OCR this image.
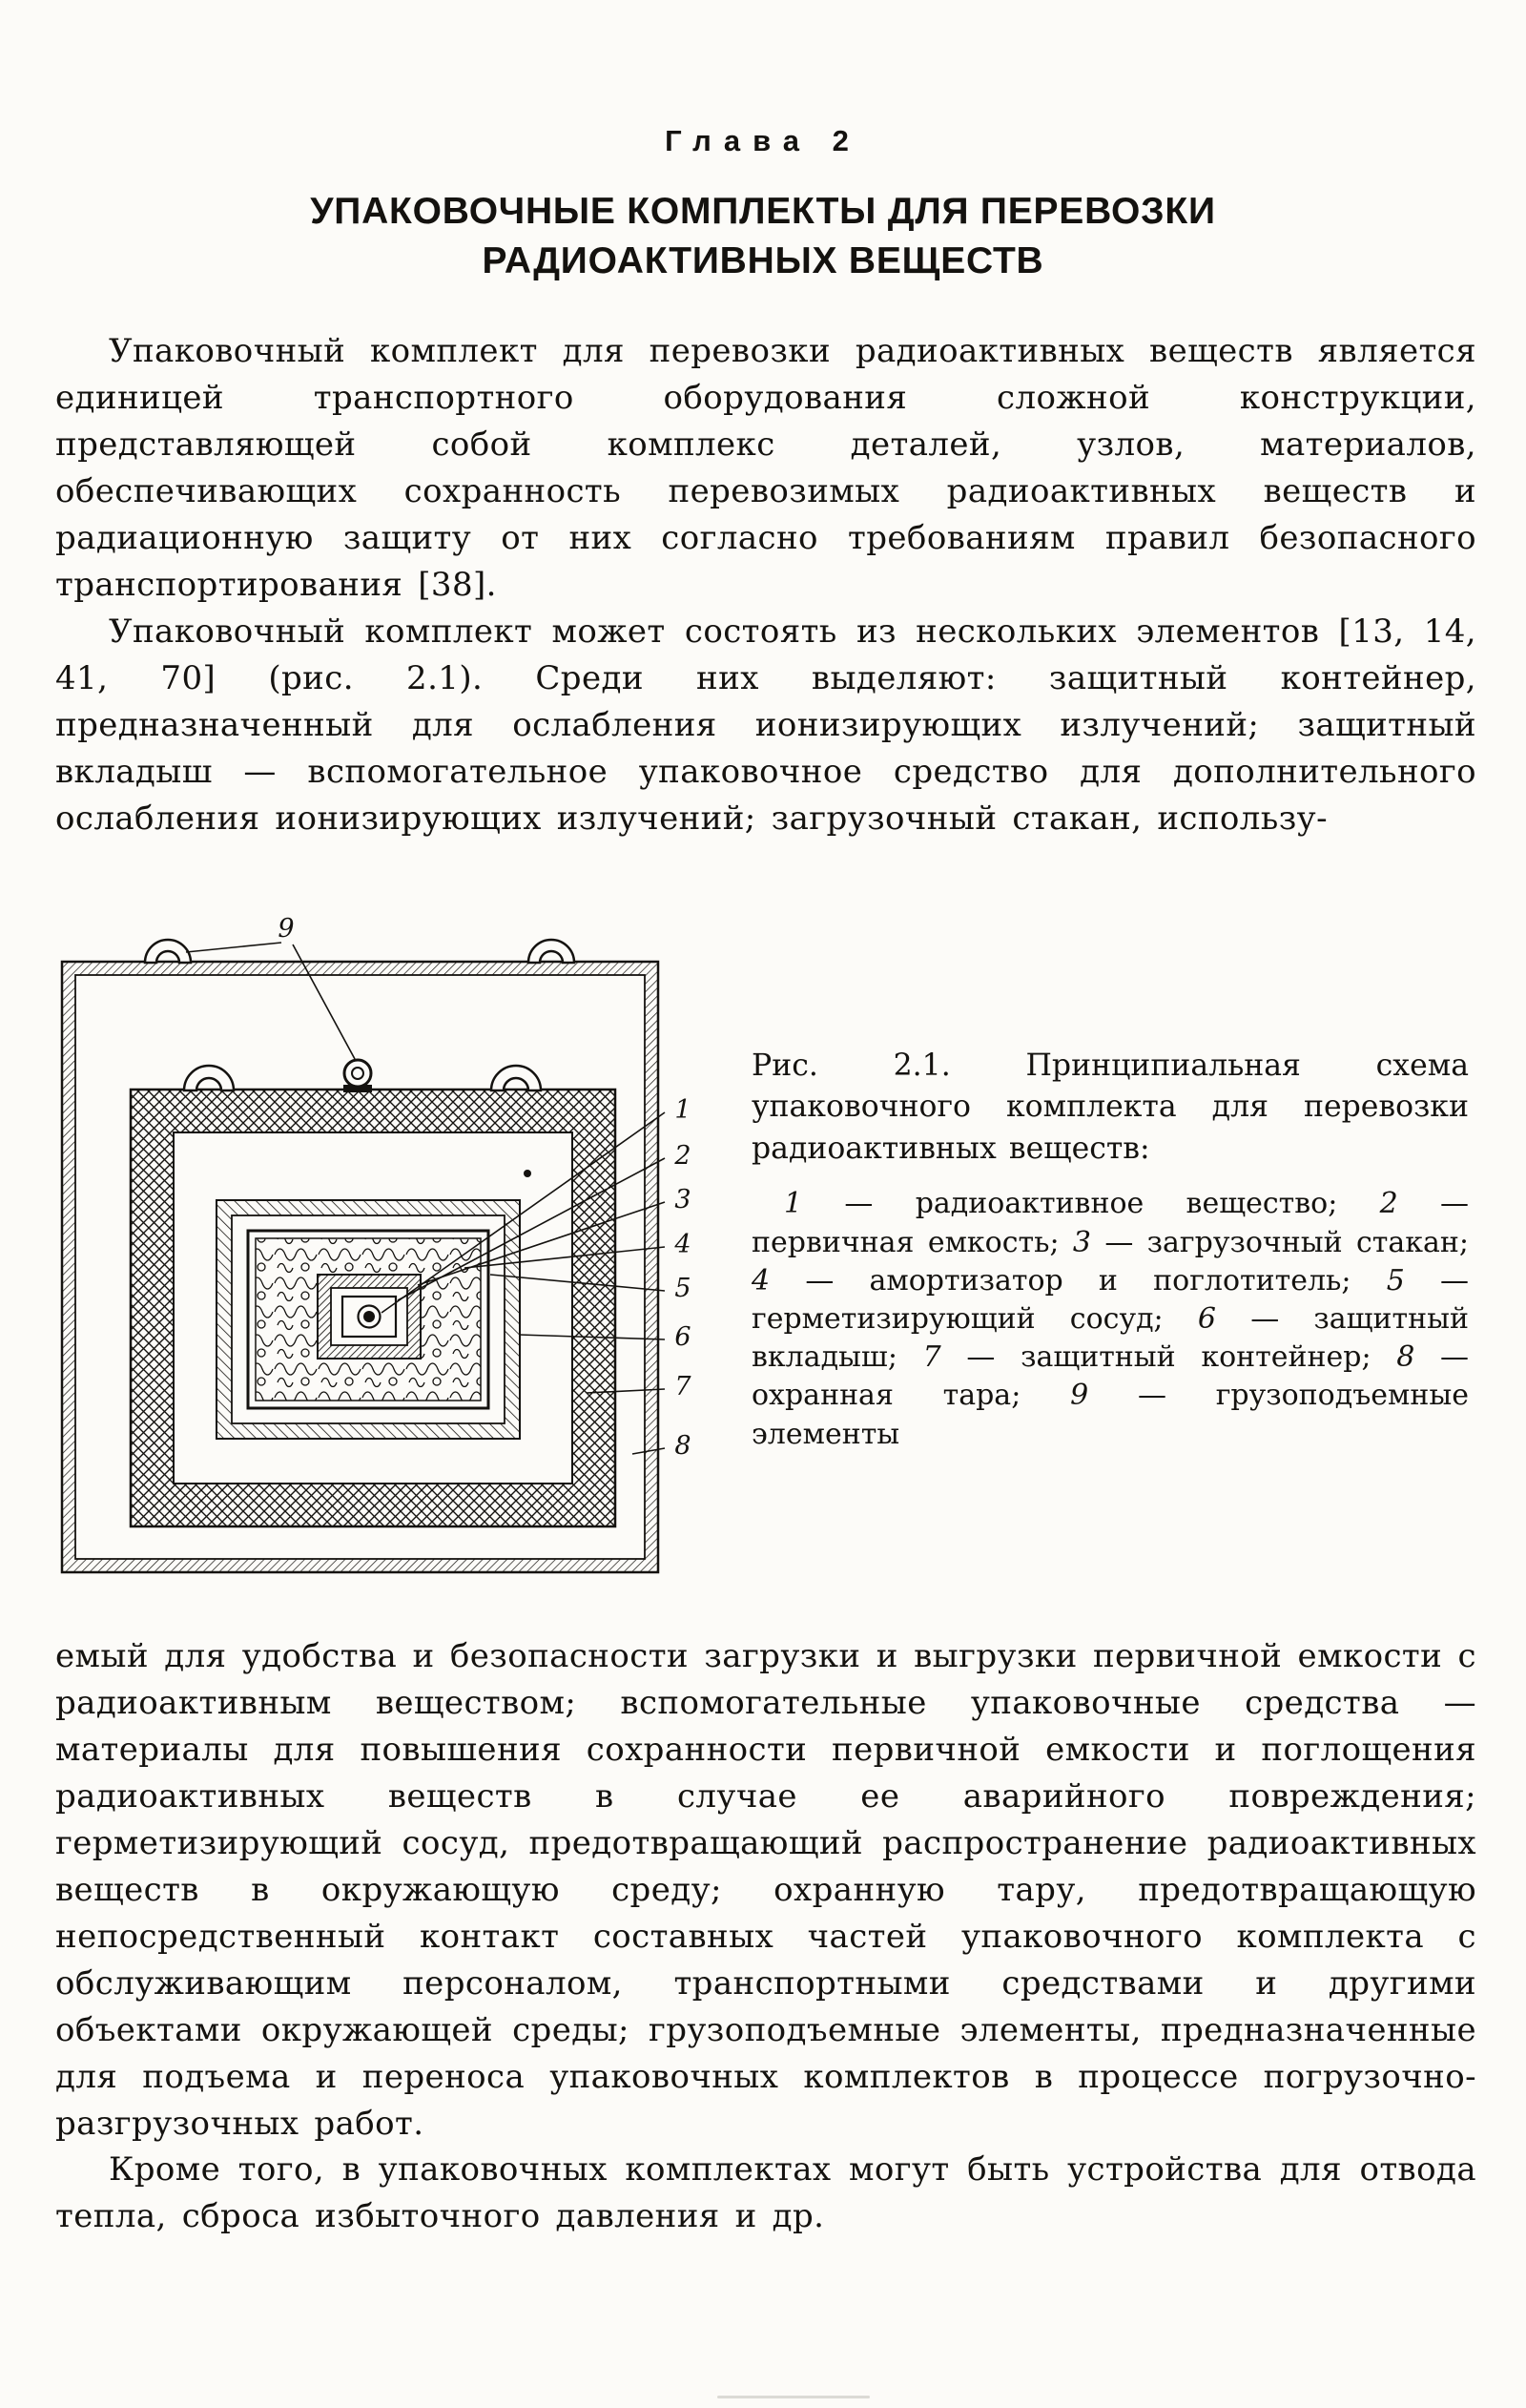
Глава 2
УПАКОВОЧНЫЕ КОМПЛЕКТЫ ДЛЯ ПЕРЕВОЗКИ
РАДИОАКТИВНЫХ ВЕЩЕСТВ

Упаковочный комплект для перевозки радиоактивных веществ является единицей транспортного оборудования сложной конструкции, представляющей собой комплекс деталей, узлов, материалов, обеспечивающих сохранность перевозимых радиоактивных веществ и радиационную защиту от них согласно требованиям правил безопасного транспортирования [38].

Упаковочный комплект может состоять из нескольких элементов [13, 14, 41, 70] (рис. 2.1). Среди них выделяют: защитный контейнер, предназначенный для ослабления ионизирующих излучений; защитный вкладыш — вспомогательное упаковочное средство для дополнительного ослабления ионизирующих излучений; загрузочный стакан, использу-

9
1
2
3
4
5
6
7
8

Рис. 2.1. Принципиальная схема упаковочного комплекта для перевозки радиоактивных веществ:

1 — радиоактивное вещество; 2 — первичная емкость; 3 — загрузочный стакан; 4 — амортизатор и поглотитель; 5 — герметизирующий сосуд; 6 — защитный вкладыш; 7 — защитный контейнер; 8 — охранная тара; 9 — грузоподъемные элементы

емый для удобства и безопасности загрузки и выгрузки первичной емкости с радиоактивным веществом; вспомогательные упаковочные средства — материалы для повышения сохранности первичной емкости и поглощения радиоактивных веществ в случае ее аварийного повреждения; герметизирующий сосуд, предотвращающий распространение радиоактивных веществ в окружающую среду; охранную тару, предотвращающую непосредственный контакт составных частей упаковочного комплекта с обслуживающим персоналом, транспортными средствами и другими объектами окружающей среды; грузоподъемные элементы, предназначенные для подъема и переноса упаковочных комплектов в процессе погрузочно-разгрузочных работ.

Кроме того, в упаковочных комплектах могут быть устройства для отвода тепла, сброса избыточного давления и др.
